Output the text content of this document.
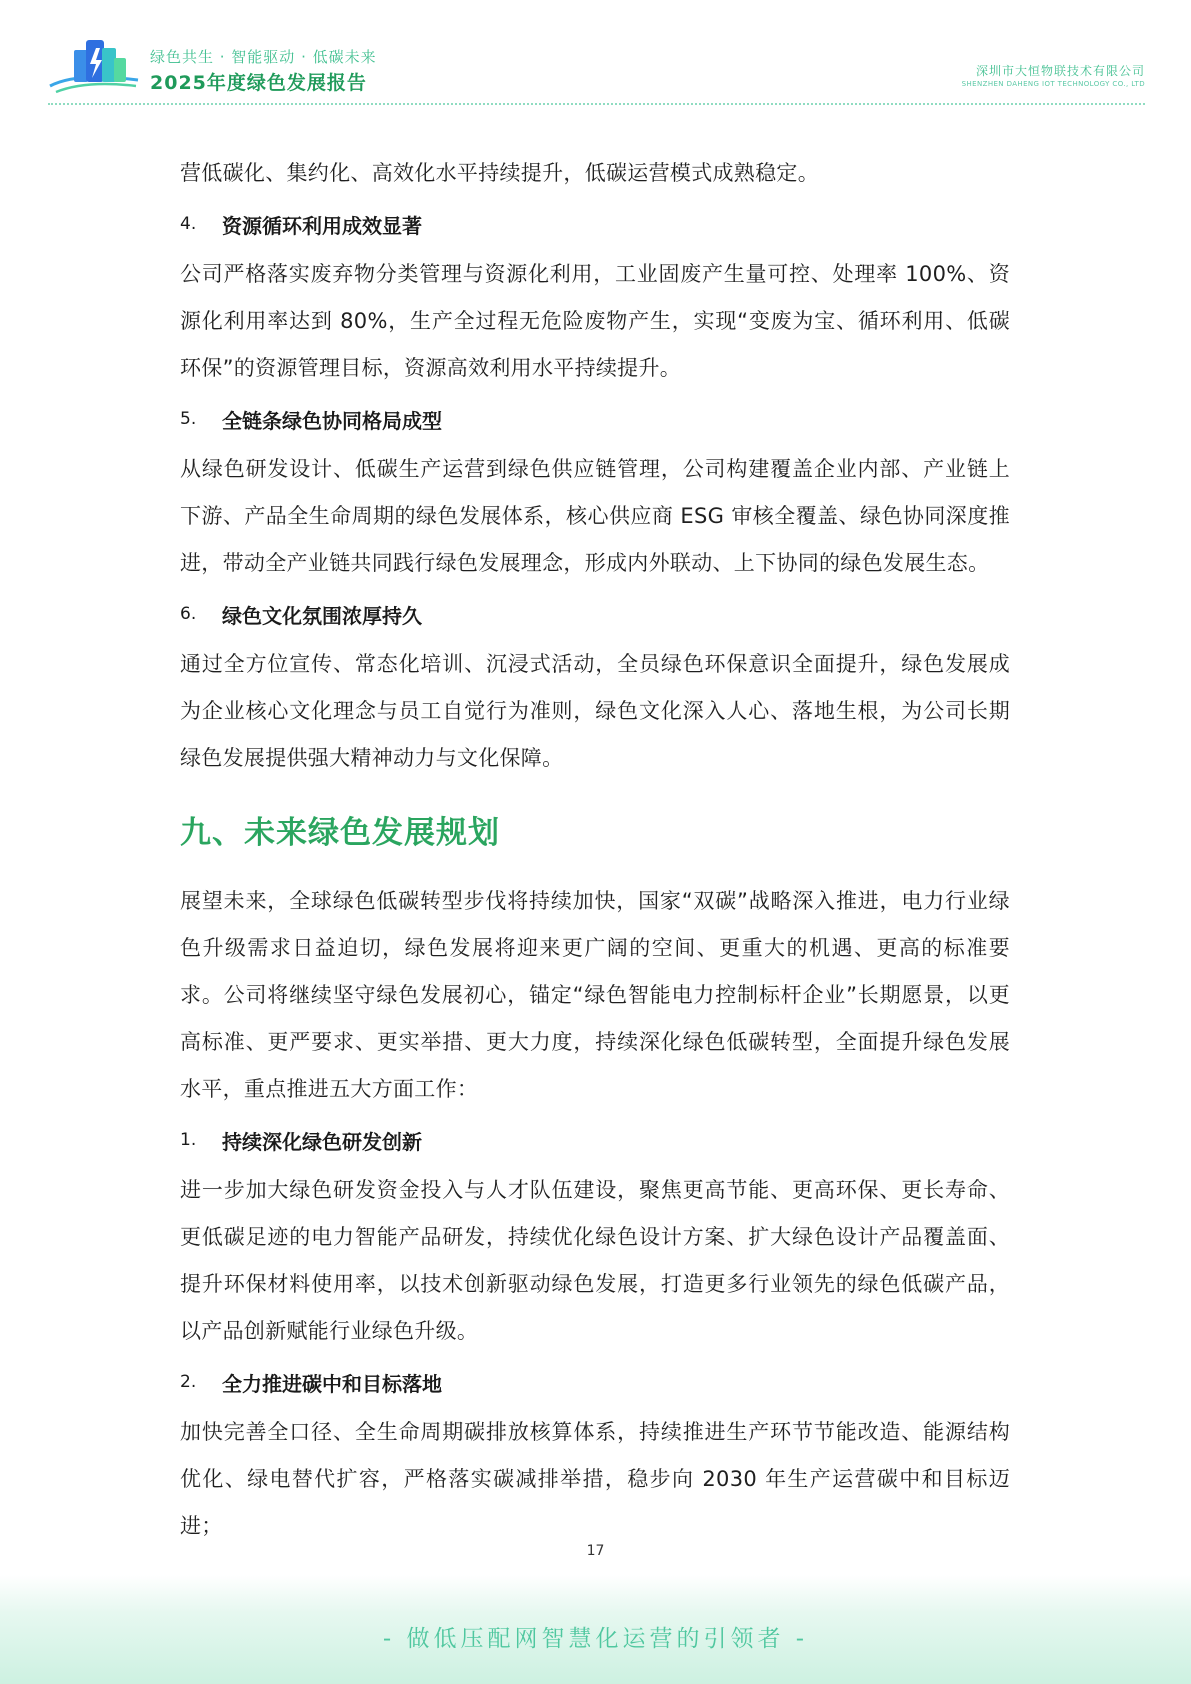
绿色共生 · 智能驱动 · 低碳未来
2025年度绿色发展报告
深圳市大恒物联技术有限公司
SHENZHEN DAHENG IOT TECHNOLOGY CO., LTD

营低碳化、集约化、高效化水平持续提升，低碳运营模式成熟稳定。

4.	资源循环利用成效显著

公司严格落实废弃物分类管理与资源化利用，工业固废产生量可控、处理率 100%、资源化利用率达到 80%，生产全过程无危险废物产生，实现“变废为宝、循环利用、低碳环保”的资源管理目标，资源高效利用水平持续提升。

5.	全链条绿色协同格局成型

从绿色研发设计、低碳生产运营到绿色供应链管理，公司构建覆盖企业内部、产业链上下游、产品全生命周期的绿色发展体系，核心供应商 ESG 审核全覆盖、绿色协同深度推进，带动全产业链共同践行绿色发展理念，形成内外联动、上下协同的绿色发展生态。

6.	绿色文化氛围浓厚持久

通过全方位宣传、常态化培训、沉浸式活动，全员绿色环保意识全面提升，绿色发展成为企业核心文化理念与员工自觉行为准则，绿色文化深入人心、落地生根，为公司长期绿色发展提供强大精神动力与文化保障。

九、未来绿色发展规划

展望未来，全球绿色低碳转型步伐将持续加快，国家“双碳”战略深入推进，电力行业绿色升级需求日益迫切，绿色发展将迎来更广阔的空间、更重大的机遇、更高的标准要求。公司将继续坚守绿色发展初心，锚定“绿色智能电力控制标杆企业”长期愿景，以更高标准、更严要求、更实举措、更大力度，持续深化绿色低碳转型，全面提升绿色发展水平，重点推进五大方面工作：

1.	持续深化绿色研发创新

进一步加大绿色研发资金投入与人才队伍建设，聚焦更高节能、更高环保、更长寿命、更低碳足迹的电力智能产品研发，持续优化绿色设计方案、扩大绿色设计产品覆盖面、提升环保材料使用率，以技术创新驱动绿色发展，打造更多行业领先的绿色低碳产品，以产品创新赋能行业绿色升级。

2.	全力推进碳中和目标落地

加快完善全口径、全生命周期碳排放核算体系，持续推进生产环节节能改造、能源结构优化、绿电替代扩容，严格落实碳减排举措，稳步向 2030 年生产运营碳中和目标迈进；

17
- 做低压配网智慧化运营的引领者 -
